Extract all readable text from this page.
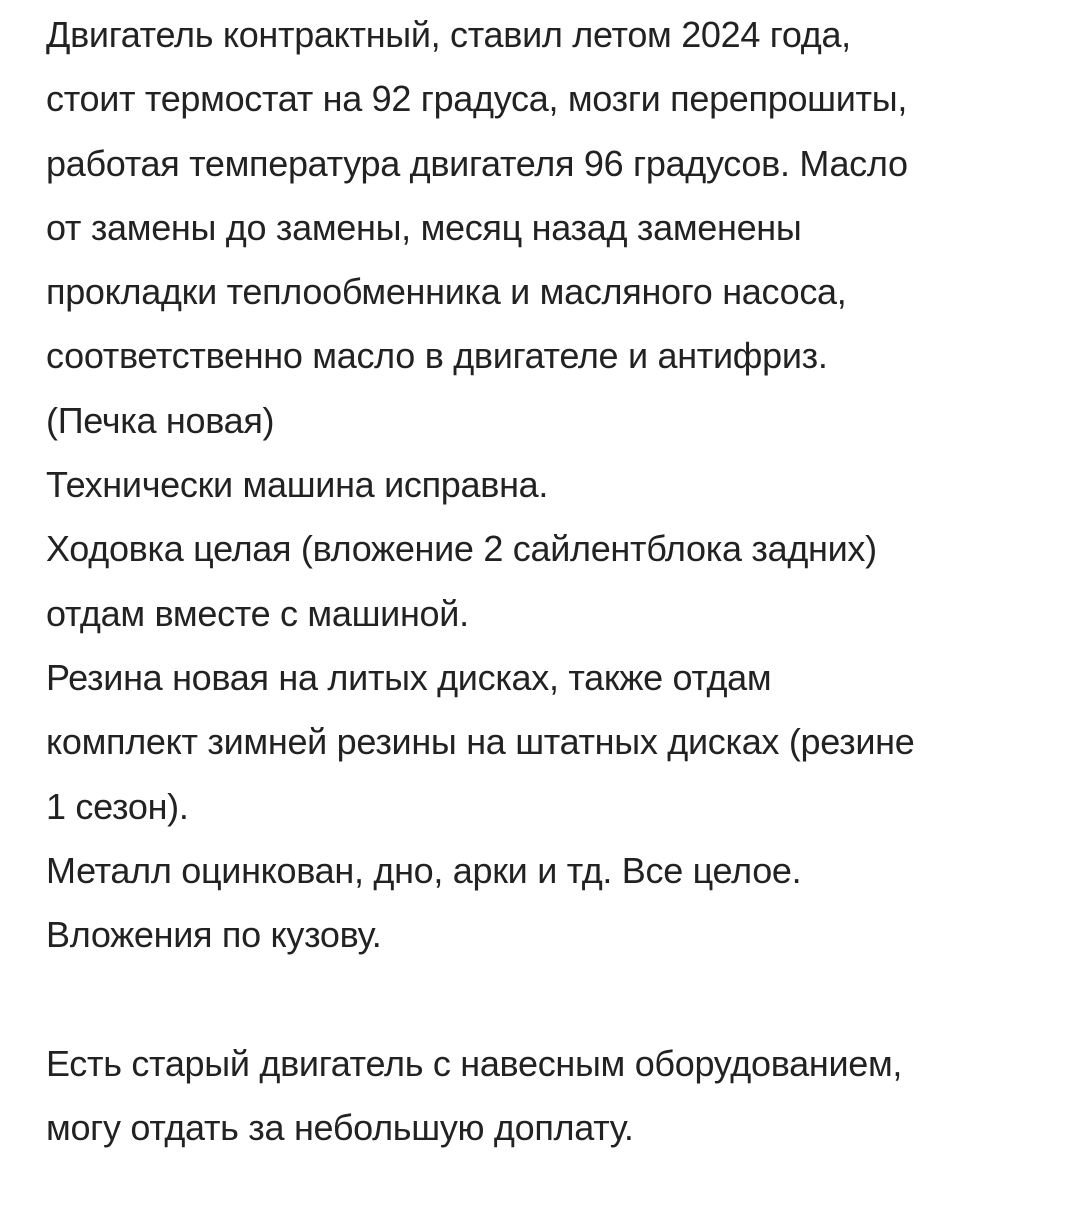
Двигатель контрактный, ставил летом 2024 года,
стоит термостат на 92 градуса, мозги перепрошиты,
работая температура двигателя 96 градусов. Масло
от замены до замены, месяц назад заменены
прокладки теплообменника и масляного насоса,
соответственно масло в двигателе и антифриз.
(Печка новая)
Технически машина исправна.
Ходовка целая (вложение 2 сайлентблока задних)
отдам вместе с машиной.
Резина новая на литых дисках, также отдам
комплект зимней резины на штатных дисках (резине
1 сезон).
Металл оцинкован, дно, арки и тд. Все целое.
Вложения по кузову.
Есть старый двигатель с навесным оборудованием,
могу отдать за небольшую доплату.
